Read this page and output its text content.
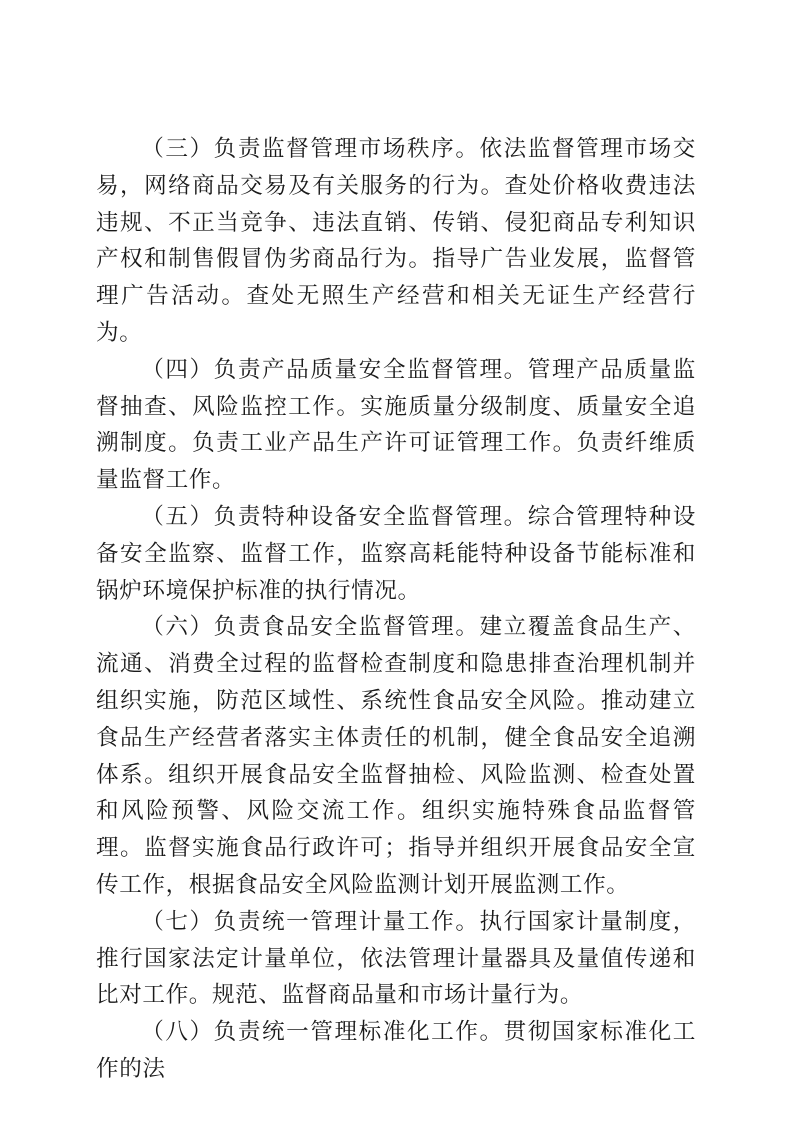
（三）负责监督管理市场秩序。依法监督管理市场交易，网络商品交易及有关服务的行为。查处价格收费违法违规、不正当竞争、违法直销、传销、侵犯商品专利知识产权和制售假冒伪劣商品行为。指导广告业发展，监督管理广告活动。查处无照生产经营和相关无证生产经营行为。

（四）负责产品质量安全监督管理。管理产品质量监督抽查、风险监控工作。实施质量分级制度、质量安全追溯制度。负责工业产品生产许可证管理工作。负责纤维质量监督工作。

（五）负责特种设备安全监督管理。综合管理特种设备安全监察、监督工作，监察高耗能特种设备节能标准和锅炉环境保护标准的执行情况。

（六）负责食品安全监督管理。建立覆盖食品生产、流通、消费全过程的监督检查制度和隐患排查治理机制并组织实施，防范区域性、系统性食品安全风险。推动建立食品生产经营者落实主体责任的机制，健全食品安全追溯体系。组织开展食品安全监督抽检、风险监测、检查处置和风险预警、风险交流工作。组织实施特殊食品监督管理。监督实施食品行政许可；指导并组织开展食品安全宣传工作，根据食品安全风险监测计划开展监测工作。

（七）负责统一管理计量工作。执行国家计量制度，推行国家法定计量单位，依法管理计量器具及量值传递和比对工作。规范、监督商品量和市场计量行为。

（八）负责统一管理标准化工作。贯彻国家标准化工作的法
